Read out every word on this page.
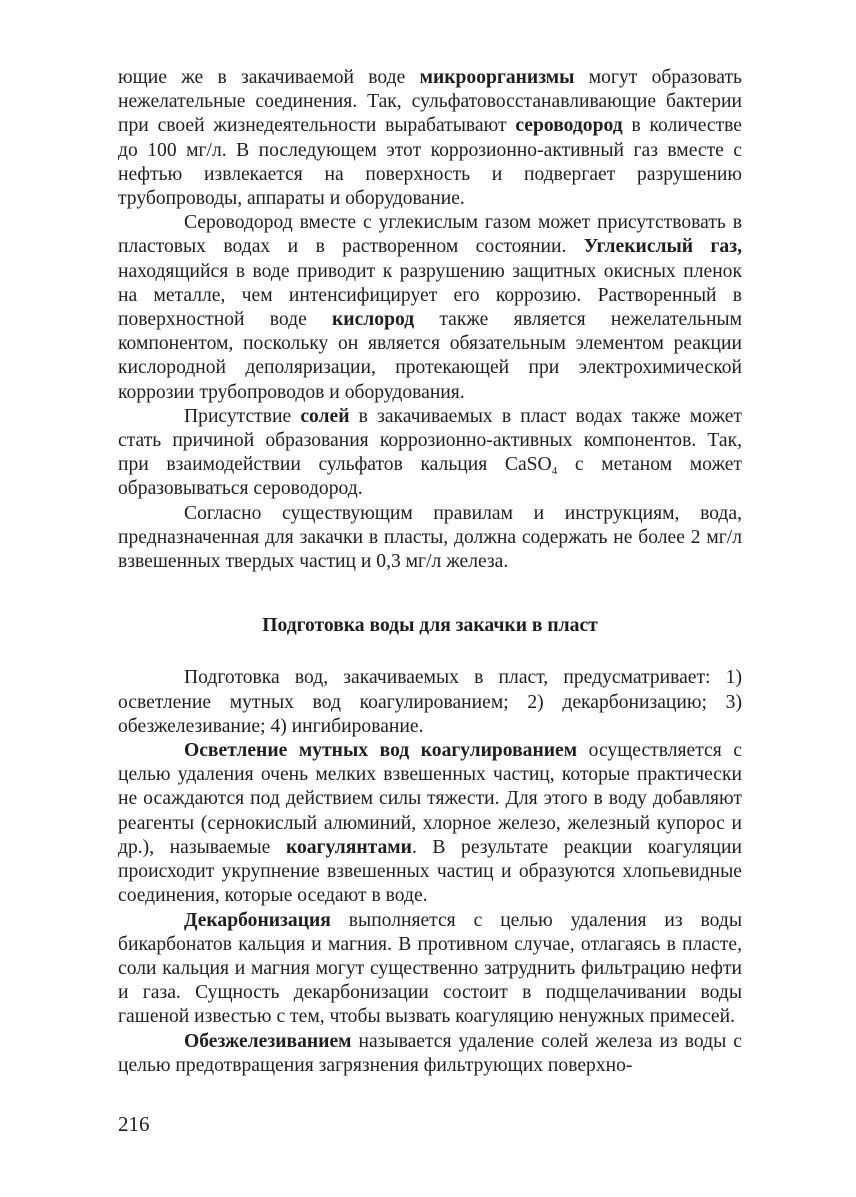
ющие же в закачиваемой воде микроорганизмы могут образовать нежелательные соединения. Так, сульфатовосстанавливающие бактерии при своей жизнедеятельности вырабатывают сероводород в количестве до 100 мг/л. В последующем этот коррозионно-активный газ вместе с нефтью извлекается на поверхность и подвергает разрушению трубопроводы, аппараты и оборудование.

Сероводород вместе с углекислым газом может присутствовать в пластовых водах и в растворенном состоянии. Углекислый газ, находящийся в воде приводит к разрушению защитных окисных пленок на металле, чем интенсифицирует его коррозию. Растворенный в поверхностной воде кислород также является нежелательным компонентом, поскольку он является обязательным элементом реакции кислородной деполяризации, протекающей при электрохимической коррозии трубопроводов и оборудования.

Присутствие солей в закачиваемых в пласт водах также может стать причиной образования коррозионно-активных компонентов. Так, при взаимодействии сульфатов кальция CaSO$_4$ с метаном может образовываться сероводород.

Согласно существующим правилам и инструкциям, вода, предназначенная для закачки в пласты, должна содержать не более 2 мг/л взвешенных твердых частиц и 0,3 мг/л железа.

Подготовка воды для закачки в пласт

Подготовка вод, закачиваемых в пласт, предусматривает: 1) осветление мутных вод коагулированием; 2) декарбонизацию; 3) обезжелезивание; 4) ингибирование.

Осветление мутных вод коагулированием осуществляется с целью удаления очень мелких взвешенных частиц, которые практически не осаждаются под действием силы тяжести. Для этого в воду добавляют реагенты (сернокислый алюминий, хлорное железо, железный купорос и др.), называемые коагулянтами. В результате реакции коагуляции происходит укрупнение взвешенных частиц и образуются хлопьевидные соединения, которые оседают в воде.

Декарбонизация выполняется с целью удаления из воды бикарбонатов кальция и магния. В противном случае, отлагаясь в пласте, соли кальция и магния могут существенно затруднить фильтрацию нефти и газа. Сущность декарбонизации состоит в подщелачивании воды гашеной известью с тем, чтобы вызвать коагуляцию ненужных примесей.

Обезжелезиванием называется удаление солей железа из воды с целью предотвращения загрязнения фильтрующих поверхно-

216
